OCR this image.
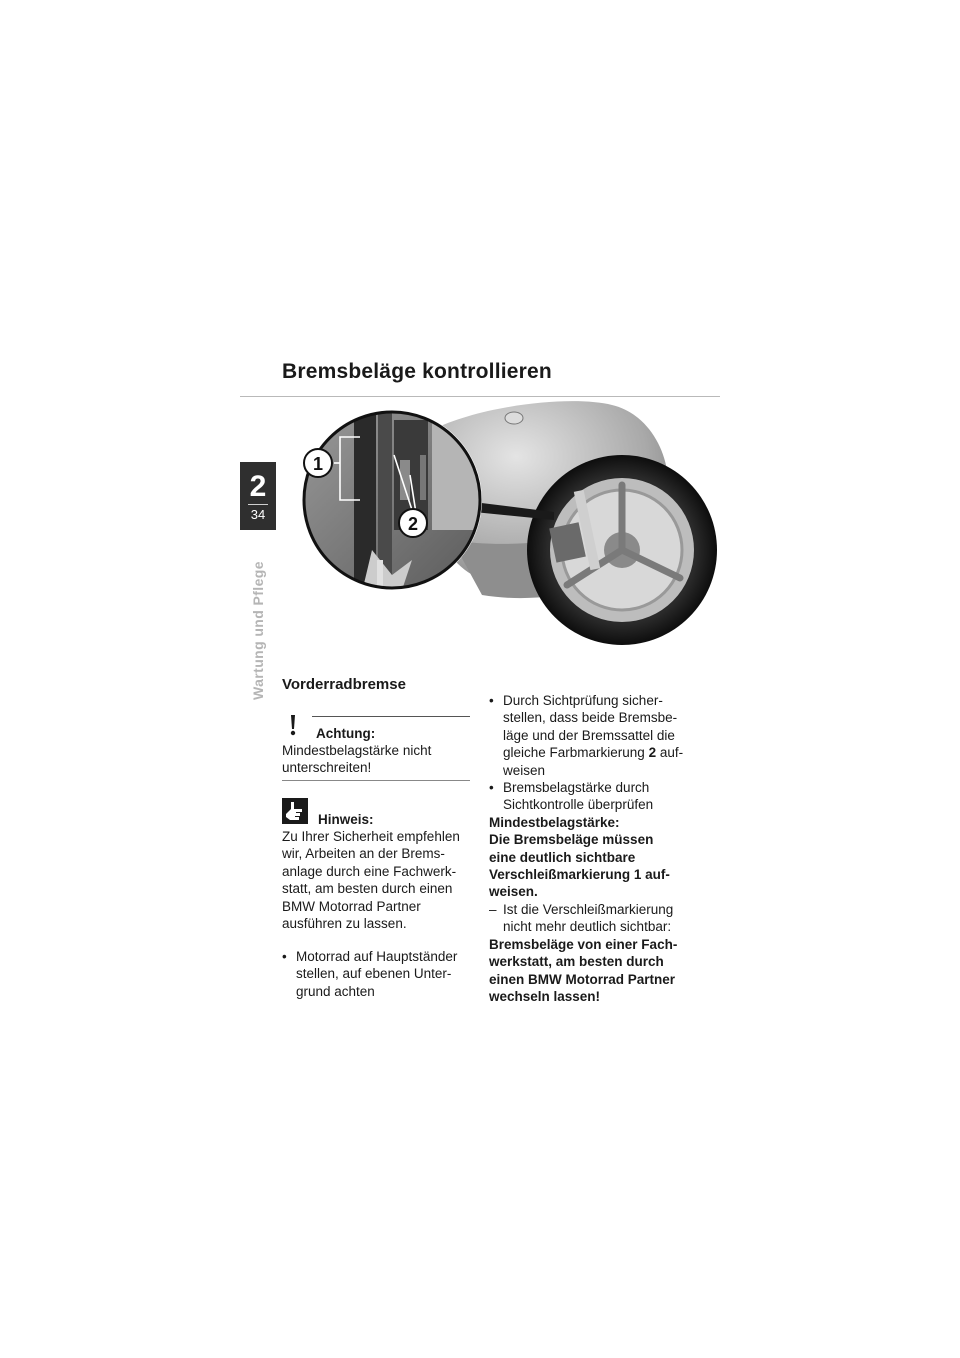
Bremsbeläge kontrollieren
2
34
Wartung und Pflege
1
2
Vorderradbremse
Achtung:
Mindestbelagstärke nicht
unterschreiten!
Hinweis:
Zu Ihrer Sicherheit empfehlen
wir, Arbeiten an der Brems-
anlage durch eine Fachwerk-
statt, am besten durch einen
BMW Motorrad Partner
ausführen zu lassen.
• Motorrad auf Hauptständer
stellen, auf ebenen Unter-
grund achten
• Durch Sichtprüfung sicher-
stellen, dass beide Bremsbe-
läge und der Bremssattel die
gleiche Farbmarkierung 2 auf-
weisen
• Bremsbelagstärke durch
Sichtkontrolle überprüfen
Mindestbelagstärke:
Die Bremsbeläge müssen
eine deutlich sichtbare
Verschleißmarkierung 1 auf-
weisen.
– Ist die Verschleißmarkierung
nicht mehr deutlich sichtbar:
Bremsbeläge von einer Fach-
werkstatt, am besten durch
einen BMW Motorrad Partner
wechseln lassen!
